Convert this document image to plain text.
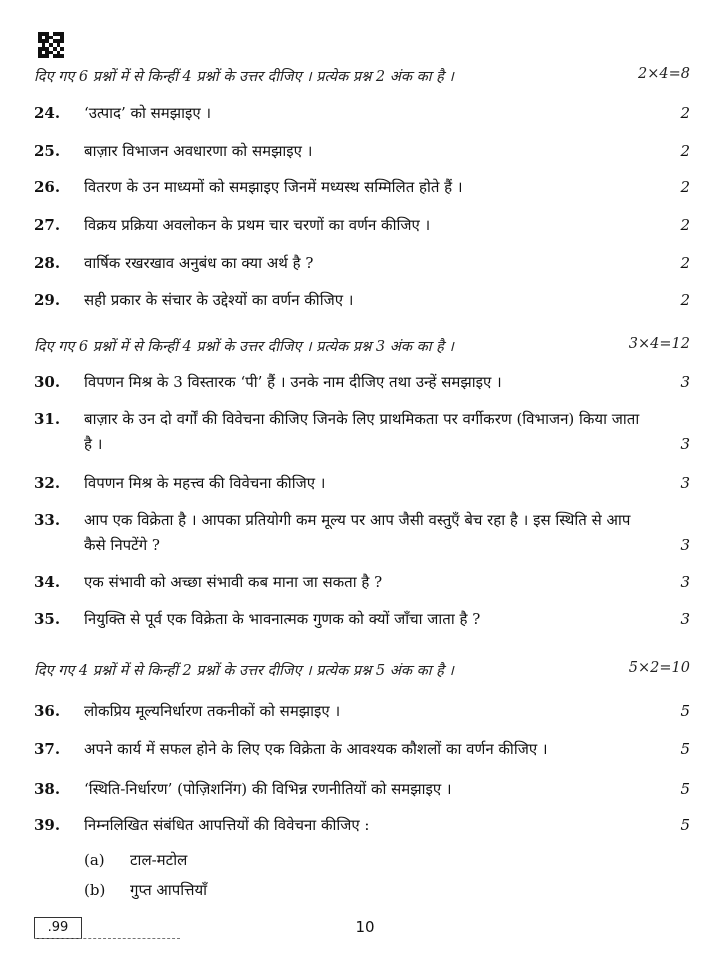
दिए गए 6 प्रश्नों में से किन्हीं 4 प्रश्नों के उत्तर दीजिए । प्रत्येक प्रश्न 2 अंक का है ।	2×4=8
24. ‘उत्पाद’ को समझाइए ।	2
25. बाज़ार विभाजन अवधारणा को समझाइए ।	2
26. वितरण के उन माध्यमों को समझाइए जिनमें मध्यस्थ सम्मिलित होते हैं ।	2
27. विक्रय प्रक्रिया अवलोकन के प्रथम चार चरणों का वर्णन कीजिए ।	2
28. वार्षिक रखरखाव अनुबंध का क्या अर्थ है ?	2
29. सही प्रकार के संचार के उद्देश्यों का वर्णन कीजिए ।	2
दिए गए 6 प्रश्नों में से किन्हीं 4 प्रश्नों के उत्तर दीजिए । प्रत्येक प्रश्न 3 अंक का है ।	3×4=12
30. विपणन मिश्र के 3 विस्तारक ‘पी’ हैं । उनके नाम दीजिए तथा उन्हें समझाइए ।	3
31. बाज़ार के उन दो वर्गों की विवेचना कीजिए जिनके लिए प्राथमिकता पर वर्गीकरण (विभाजन) किया जाता है ।	3
32. विपणन मिश्र के महत्त्व की विवेचना कीजिए ।	3
33. आप एक विक्रेता है । आपका प्रतियोगी कम मूल्य पर आप जैसी वस्तुएँ बेच रहा है । इस स्थिति से आप कैसे निपटेंगे ?	3
34. एक संभावी को अच्छा संभावी कब माना जा सकता है ?	3
35. नियुक्ति से पूर्व एक विक्रेता के भावनात्मक गुणक को क्यों जाँचा जाता है ?	3
दिए गए 4 प्रश्नों में से किन्हीं 2 प्रश्नों के उत्तर दीजिए । प्रत्येक प्रश्न 5 अंक का है ।	5×2=10
36. लोकप्रिय मूल्यनिर्धारण तकनीकों को समझाइए ।	5
37. अपने कार्य में सफल होने के लिए एक विक्रेता के आवश्यक कौशलों का वर्णन कीजिए ।	5
38. ‘स्थिति-निर्धारण’ (पोज़िशनिंग) की विभिन्न रणनीतियों को समझाइए ।	5
39. निम्नलिखित संबंधित आपत्तियों की विवेचना कीजिए :	5
(a) टाल-मटोल
(b) गुप्त आपत्तियाँ
.99	10
